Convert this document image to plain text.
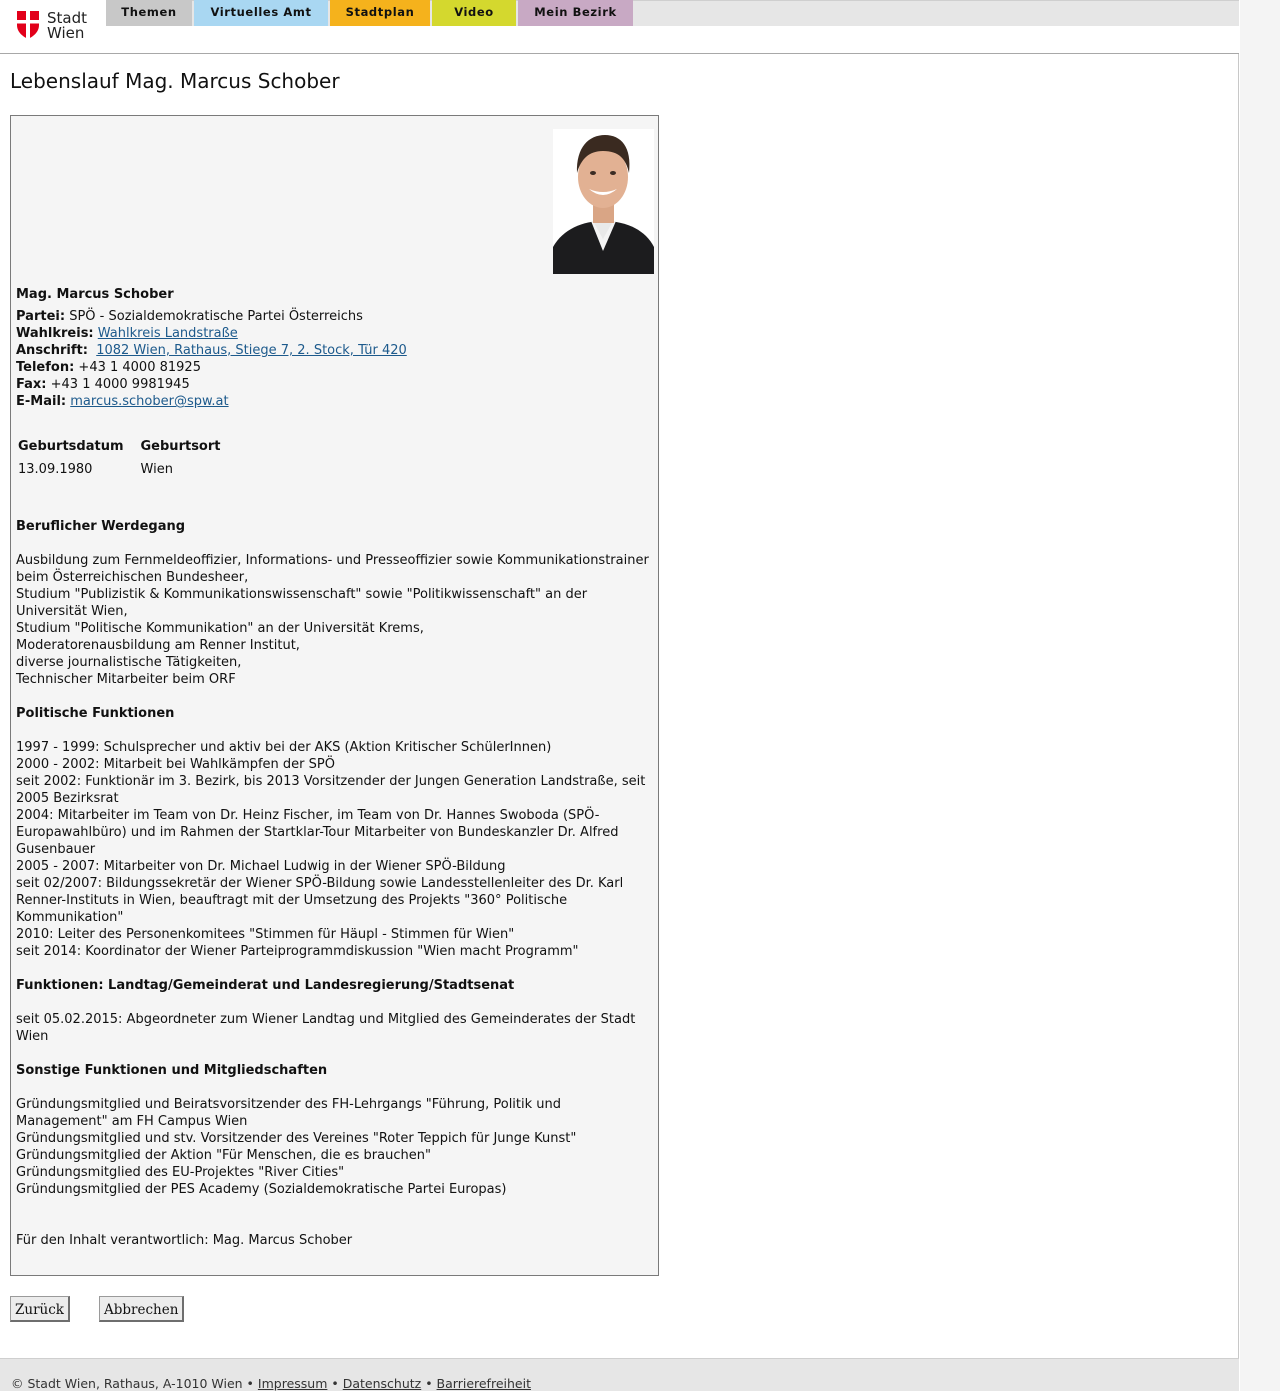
Stadt
Wien
Themen	Virtuelles Amt	Stadtplan	Video	Mein Bezirk
Lebenslauf Mag. Marcus Schober
Mag. Marcus Schober
Partei: SPÖ - Sozialdemokratische Partei Österreichs
Wahlkreis: Wahlkreis Landstraße
Anschrift: 1082 Wien, Rathaus, Stiege 7, 2. Stock, Tür 420
Telefon: +43 1 4000 81925
Fax: +43 1 4000 9981945
E-Mail: marcus.schober@spw.at
Geburtsdatum	Geburtsort
13.09.1980	Wien
Beruflicher Werdegang
Ausbildung zum Fernmeldeoffizier, Informations- und Presseoffizier sowie Kommunikationstrainer beim Österreichischen Bundesheer,
Studium "Publizistik & Kommunikationswissenschaft" sowie "Politikwissenschaft" an der Universität Wien,
Studium "Politische Kommunikation" an der Universität Krems,
Moderatorenausbildung am Renner Institut,
diverse journalistische Tätigkeiten,
Technischer Mitarbeiter beim ORF
Politische Funktionen
1997 - 1999: Schulsprecher und aktiv bei der AKS (Aktion Kritischer SchülerInnen)
2000 - 2002: Mitarbeit bei Wahlkämpfen der SPÖ
seit 2002: Funktionär im 3. Bezirk, bis 2013 Vorsitzender der Jungen Generation Landstraße, seit 2005 Bezirksrat
2004: Mitarbeiter im Team von Dr. Heinz Fischer, im Team von Dr. Hannes Swoboda (SPÖ-Europawahlbüro) und im Rahmen der Startklar-Tour Mitarbeiter von Bundeskanzler Dr. Alfred Gusenbauer
2005 - 2007: Mitarbeiter von Dr. Michael Ludwig in der Wiener SPÖ-Bildung
seit 02/2007: Bildungssekretär der Wiener SPÖ-Bildung sowie Landesstellenleiter des Dr. Karl Renner-Instituts in Wien, beauftragt mit der Umsetzung des Projekts "360° Politische Kommunikation"
2010: Leiter des Personenkomitees "Stimmen für Häupl - Stimmen für Wien"
seit 2014: Koordinator der Wiener Parteiprogrammdiskussion "Wien macht Programm"
Funktionen: Landtag/Gemeinderat und Landesregierung/Stadtsenat
seit 05.02.2015: Abgeordneter zum Wiener Landtag und Mitglied des Gemeinderates der Stadt Wien
Sonstige Funktionen und Mitgliedschaften
Gründungsmitglied und Beiratsvorsitzender des FH-Lehrgangs "Führung, Politik und Management" am FH Campus Wien
Gründungsmitglied und stv. Vorsitzender des Vereines "Roter Teppich für Junge Kunst"
Gründungsmitglied der Aktion "Für Menschen, die es brauchen"
Gründungsmitglied des EU-Projektes "River Cities"
Gründungsmitglied der PES Academy (Sozialdemokratische Partei Europas)
Für den Inhalt verantwortlich: Mag. Marcus Schober
Zurück	Abbrechen
© Stadt Wien, Rathaus, A-1010 Wien • Impressum • Datenschutz • Barrierefreiheit
